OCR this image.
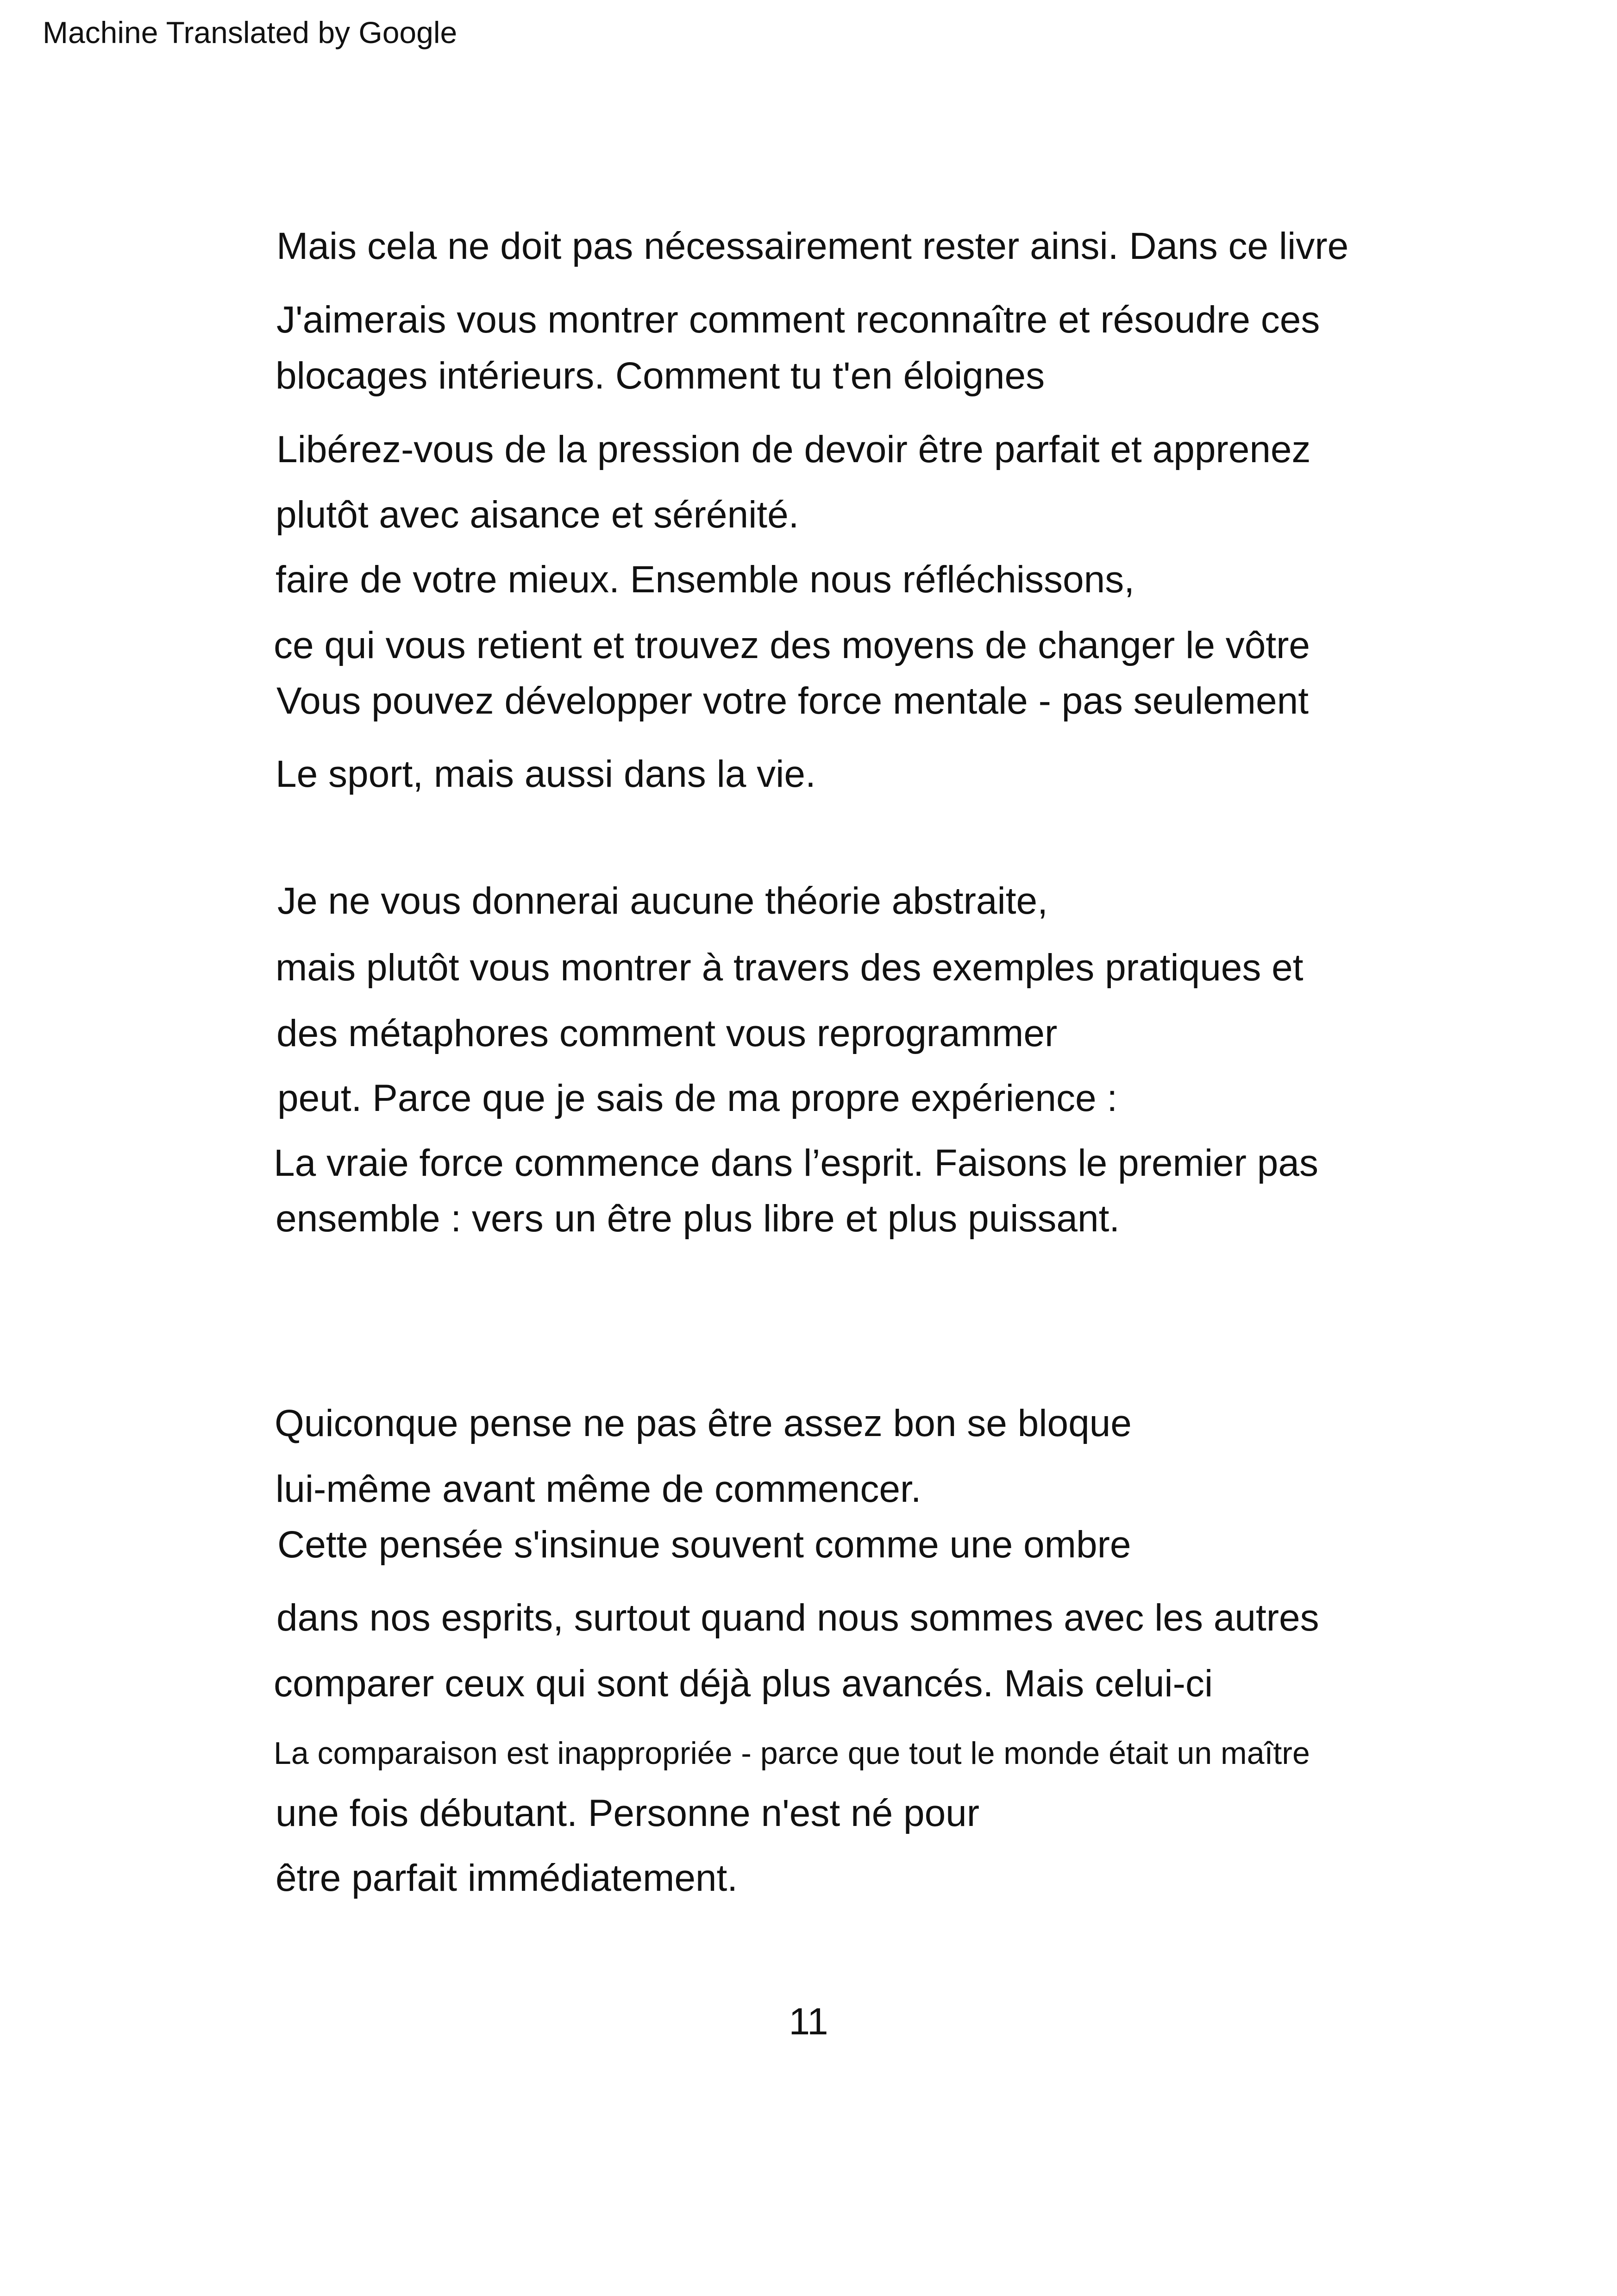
Machine Translated by Google
Mais cela ne doit pas nécessairement rester ainsi. Dans ce livre
J'aimerais vous montrer comment reconnaître et résoudre ces
blocages intérieurs. Comment tu t'en éloignes
Libérez-vous de la pression de devoir être parfait et apprenez
plutôt avec aisance et sérénité.
faire de votre mieux. Ensemble nous réfléchissons,
ce qui vous retient et trouvez des moyens de changer le vôtre
Vous pouvez développer votre force mentale - pas seulement
Le sport, mais aussi dans la vie.
Je ne vous donnerai aucune théorie abstraite,
mais plutôt vous montrer à travers des exemples pratiques et
des métaphores comment vous reprogrammer
peut. Parce que je sais de ma propre expérience :
La vraie force commence dans l’esprit. Faisons le premier pas
ensemble : vers un être plus libre et plus puissant.
Quiconque pense ne pas être assez bon se bloque
lui-même avant même de commencer.
Cette pensée s'insinue souvent comme une ombre
dans nos esprits, surtout quand nous sommes avec les autres
comparer ceux qui sont déjà plus avancés. Mais celui-ci
La comparaison est inappropriée - parce que tout le monde était un maître
une fois débutant. Personne n'est né pour
être parfait immédiatement.
11
